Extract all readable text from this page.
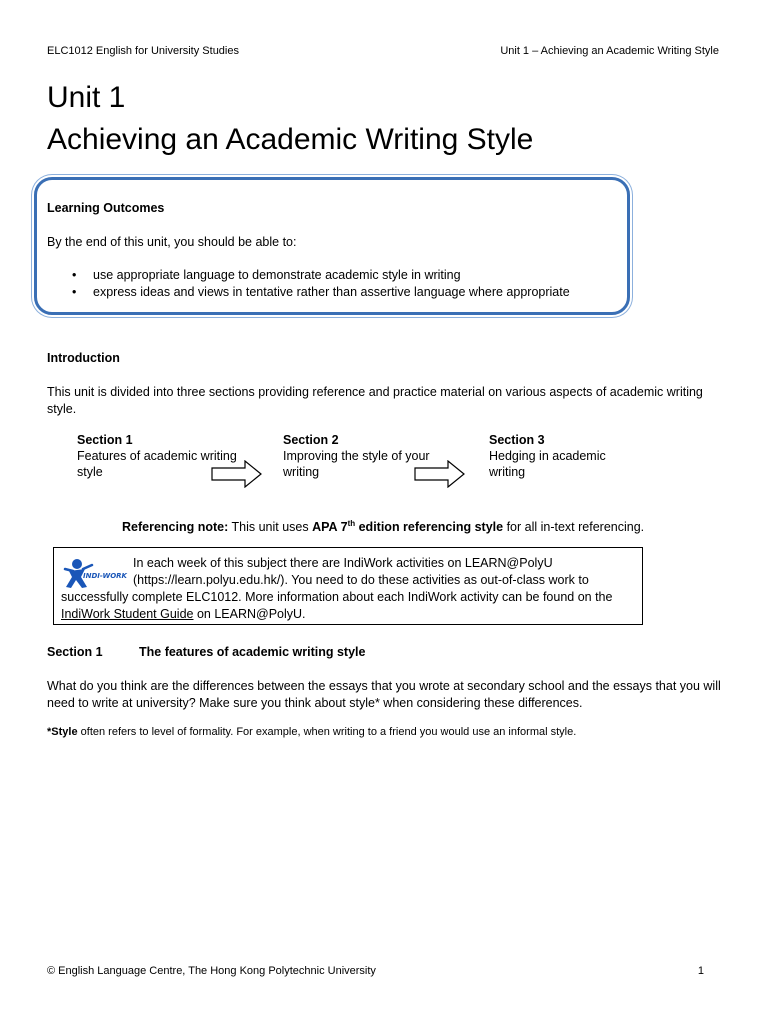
ELC1012 English for University Studies	Unit 1 – Achieving an Academic Writing Style
Unit 1
Achieving an Academic Writing Style
Learning Outcomes
By the end of this unit, you should be able to:
• use appropriate language to demonstrate academic style in writing
• express ideas and views in tentative rather than assertive language where appropriate
Introduction
This unit is divided into three sections providing reference and practice material on various aspects of academic writing style.
Section 1
Features of academic writing style
Section 2
Improving the style of your writing
Section 3
Hedging in academic writing
Referencing note: This unit uses APA 7th edition referencing style for all in-text referencing.
INDI-WORK
In each week of this subject there are IndiWork activities on LEARN@PolyU
(https://learn.polyu.edu.hk/). You need to do these activities as out-of-class work to
successfully complete ELC1012. More information about each IndiWork activity can be found on the
IndiWork Student Guide on LEARN@PolyU.
Section 1	The features of academic writing style
What do you think are the differences between the essays that you wrote at secondary school and the essays that you will need to write at university? Make sure you think about style* when considering these differences.
*Style often refers to level of formality. For example, when writing to a friend you would use an informal style.
© English Language Centre, The Hong Kong Polytechnic University	1
